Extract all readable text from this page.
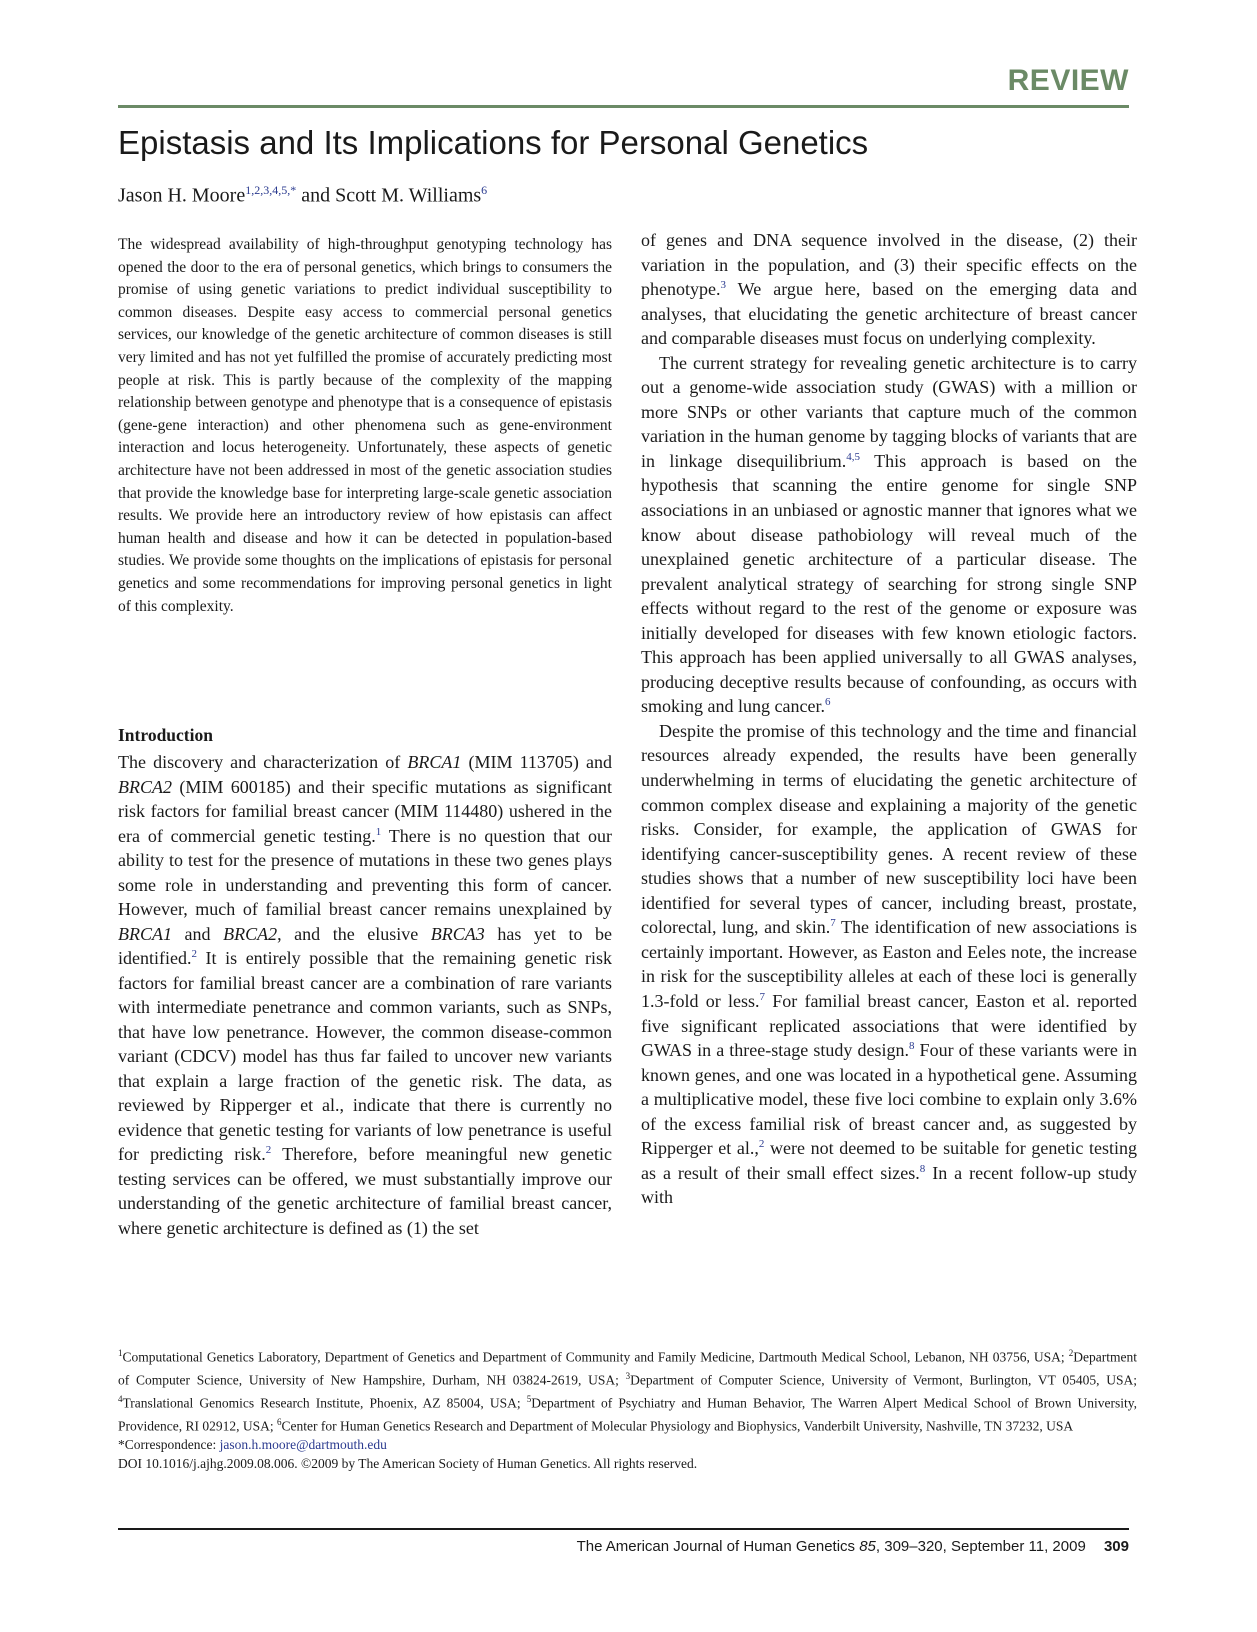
REVIEW
Epistasis and Its Implications for Personal Genetics
Jason H. Moore$^{1,2,3,4,5,*}$ and Scott M. Williams$^6$

The widespread availability of high-throughput genotyping technology has opened the door to the era of personal genetics, which brings to consumers the promise of using genetic variations to predict individual susceptibility to common diseases. Despite easy access to commercial personal genetics services, our knowledge of the genetic architecture of common diseases is still very limited and has not yet fulfilled the promise of accurately predicting most people at risk. This is partly because of the complexity of the mapping relationship between genotype and phenotype that is a consequence of epistasis (gene-gene interaction) and other phenomena such as gene-environment interaction and locus heterogeneity. Unfortunately, these aspects of genetic architecture have not been addressed in most of the genetic association studies that provide the knowledge base for interpreting large-scale genetic association results. We provide here an introductory review of how epistasis can affect human health and disease and how it can be detected in population-based studies. We provide some thoughts on the implications of epistasis for personal genetics and some recommendations for improving personal genetics in light of this complexity.

Introduction

The discovery and characterization of BRCA1 (MIM 113705) and BRCA2 (MIM 600185) and their specific mutations as significant risk factors for familial breast cancer (MIM 114480) ushered in the era of commercial genetic testing.$^1$ There is no question that our ability to test for the presence of mutations in these two genes plays some role in understanding and preventing this form of cancer. However, much of familial breast cancer remains unexplained by BRCA1 and BRCA2, and the elusive BRCA3 has yet to be identified.$^2$ It is entirely possible that the remaining genetic risk factors for familial breast cancer are a combination of rare variants with intermediate penetrance and common variants, such as SNPs, that have low penetrance. However, the common disease-common variant (CDCV) model has thus far failed to uncover new variants that explain a large fraction of the genetic risk. The data, as reviewed by Ripperger et al., indicate that there is currently no evidence that genetic testing for variants of low penetrance is useful for predicting risk.$^2$ Therefore, before meaningful new genetic testing services can be offered, we must substantially improve our understanding of the genetic architecture of familial breast cancer, where genetic architecture is defined as (1) the set

of genes and DNA sequence involved in the disease, (2) their variation in the population, and (3) their specific effects on the phenotype.$^3$ We argue here, based on the emerging data and analyses, that elucidating the genetic architecture of breast cancer and comparable diseases must focus on underlying complexity.

The current strategy for revealing genetic architecture is to carry out a genome-wide association study (GWAS) with a million or more SNPs or other variants that capture much of the common variation in the human genome by tagging blocks of variants that are in linkage disequilibrium.$^{4,5}$ This approach is based on the hypothesis that scanning the entire genome for single SNP associations in an unbiased or agnostic manner that ignores what we know about disease pathobiology will reveal much of the unexplained genetic architecture of a particular disease. The prevalent analytical strategy of searching for strong single SNP effects without regard to the rest of the genome or exposure was initially developed for diseases with few known etiologic factors. This approach has been applied universally to all GWAS analyses, producing deceptive results because of confounding, as occurs with smoking and lung cancer.$^6$

Despite the promise of this technology and the time and financial resources already expended, the results have been generally underwhelming in terms of elucidating the genetic architecture of common complex disease and explaining a majority of the genetic risks. Consider, for example, the application of GWAS for identifying cancer-susceptibility genes. A recent review of these studies shows that a number of new susceptibility loci have been identified for several types of cancer, including breast, prostate, colorectal, lung, and skin.$^7$ The identification of new associations is certainly important. However, as Easton and Eeles note, the increase in risk for the susceptibility alleles at each of these loci is generally 1.3-fold or less.$^7$ For familial breast cancer, Easton et al. reported five significant replicated associations that were identified by GWAS in a three-stage study design.$^8$ Four of these variants were in known genes, and one was located in a hypothetical gene. Assuming a multiplicative model, these five loci combine to explain only 3.6% of the excess familial risk of breast cancer and, as suggested by Ripperger et al.,$^2$ were not deemed to be suitable for genetic testing as a result of their small effect sizes.$^8$ In a recent follow-up study with

$^1$Computational Genetics Laboratory, Department of Genetics and Department of Community and Family Medicine, Dartmouth Medical School, Lebanon, NH 03756, USA; $^2$Department of Computer Science, University of New Hampshire, Durham, NH 03824-2619, USA; $^3$Department of Computer Science, University of Vermont, Burlington, VT 05405, USA; $^4$Translational Genomics Research Institute, Phoenix, AZ 85004, USA; $^5$Department of Psychiatry and Human Behavior, The Warren Alpert Medical School of Brown University, Providence, RI 02912, USA; $^6$Center for Human Genetics Research and Department of Molecular Physiology and Biophysics, Vanderbilt University, Nashville, TN 37232, USA
*Correspondence: jason.h.moore@dartmouth.edu
DOI 10.1016/j.ajhg.2009.08.006. ©2009 by The American Society of Human Genetics. All rights reserved.
The American Journal of Human Genetics 85, 309–320, September 11, 2009 309
